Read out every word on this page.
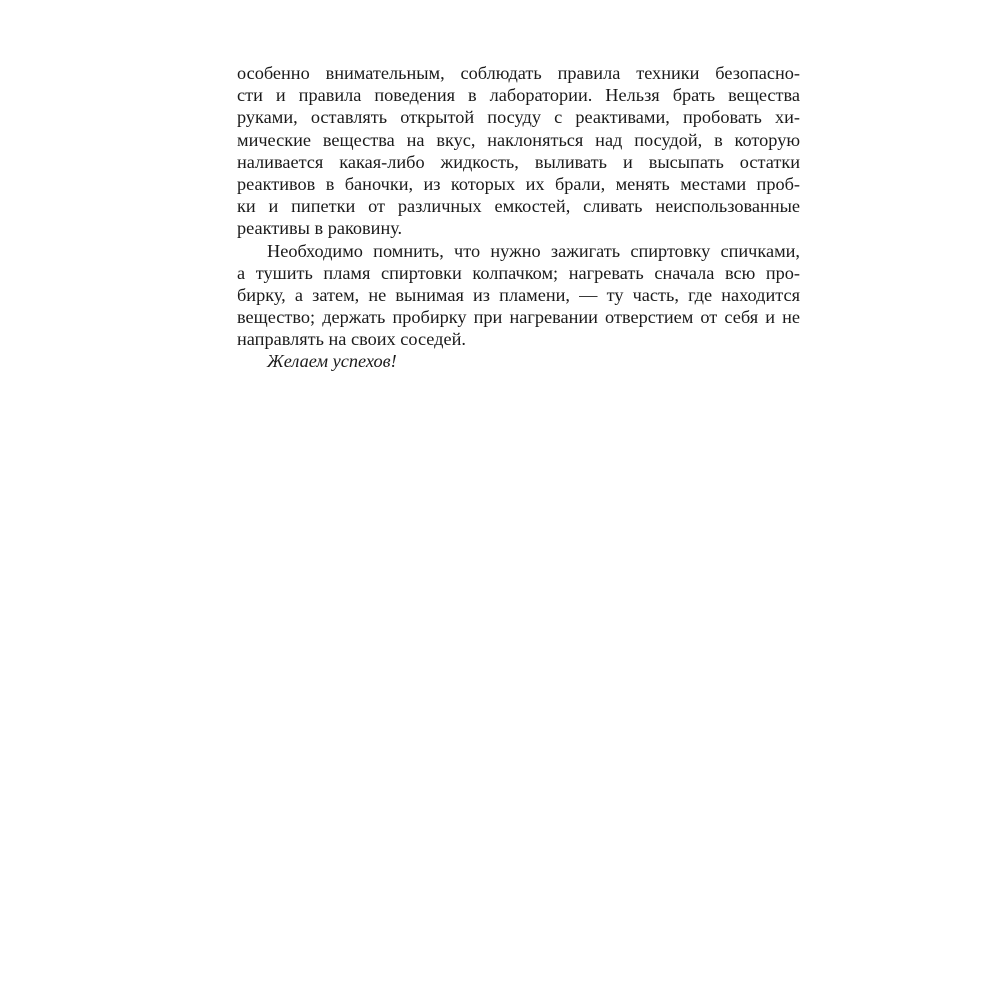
особенно внимательным, соблюдать правила техники безопасно-
сти и правила поведения в лаборатории. Нельзя брать вещества
руками, оставлять открытой посуду с реактивами, пробовать хи-
мические вещества на вкус, наклоняться над посудой, в которую
наливается какая-либо жидкость, выливать и высыпать остатки
реактивов в баночки, из которых их брали, менять местами проб-
ки и пипетки от различных емкостей, сливать неиспользованные
реактивы в раковину.
Необходимо помнить, что нужно зажигать спиртовку спичками,
а тушить пламя спиртовки колпачком; нагревать сначала всю про-
бирку, а затем, не вынимая из пламени, — ту часть, где находится
вещество; держать пробирку при нагревании отверстием от себя и не
направлять на своих соседей.
Желаем успехов!
